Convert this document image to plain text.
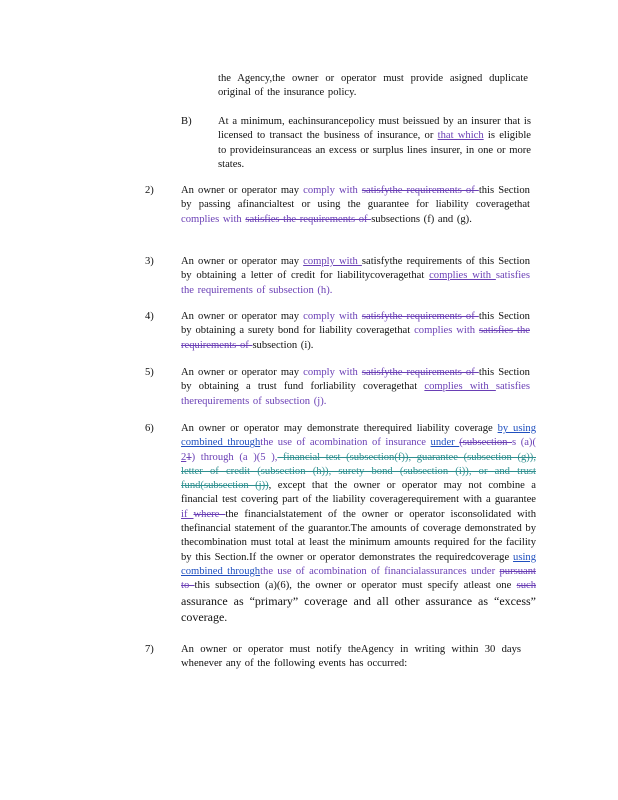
the Agency,the owner or operator must provide asigned duplicate original of the insurance policy.
B) At a minimum, eachinsurancepolicy must beissued by an insurer that is licensed to transact the business of insurance, or that which is eligible to provideinsuranceas an excess or surplus lines insurer, in one or more states.
2)	An owner or operator may comply with satisfythe requirements of this Section by passing afinancialtest or using the guarantee for liability coveragethat complies with satisfies the requirements of subsections (f) and (g).
3)	An owner or operator may comply with satisfythe requirements of this Section by obtaining a letter of credit for liabilitycoveragethat complies with satisfies the requirements of subsection (h).
4)	An owner or operator may comply with satisfythe requirements of this Section by obtaining a surety bond for liability coveragethat complies with satisfies the requirements of subsection (i).
5)	An owner or operator may comply with satisfythe requirements of this Section by obtaining a trust fund forliability coveragethat complies with satisfies therequirements of subsection (j).
6)	An owner or operator may demonstrate therequired liability coverage by using combined throughthe use of acombination of insurance under (subsection s (a)( 21) through (a )(5 ), financial test (subsection(f)), guarantee (subsection (g)), letter of credit (subsection (h)), surety bond (subsection (i)), or and trust fund(subsection (j)), except that the owner or operator may not combine a financial test covering part of the liability coveragerequirement with a guarantee if where the financialstatement of the owner or operator isconsolidated with thefinancial statement of the guarantor.The amounts of coverage demonstrated by thecombination must total at least the minimum amounts required for the facility by this Section.If the owner or operator demonstrates the requiredcoverage using combined throughthe use of acombination of financialassurances under pursuant to this subsection (a)(6), the owner or operator must specify atleast one such assurance as “primary” coverage and all other assurance as “excess” coverage.
7)	An owner or operator must notify theAgency in writing within 30 days whenever any of the following events has occurred:
